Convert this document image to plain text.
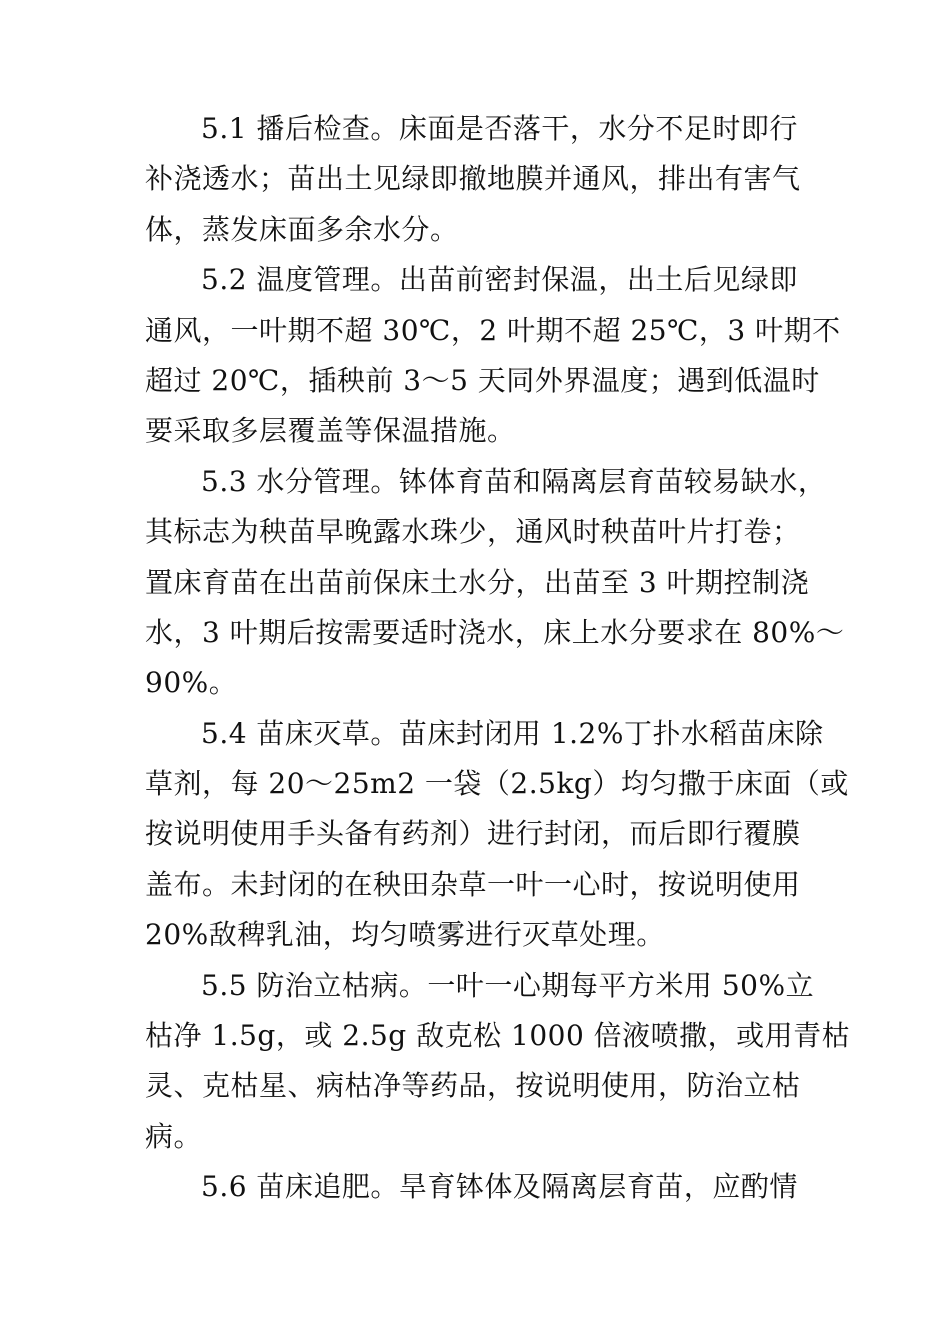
5.1 播后检查。床面是否落干，水分不足时即行
补浇透水；苗出土见绿即撤地膜并通风，排出有害气
体，蒸发床面多余水分。
5.2 温度管理。出苗前密封保温，出土后见绿即
通风，一叶期不超 30℃，2 叶期不超 25℃，3 叶期不
超过 20℃，插秧前 3～5 天同外界温度；遇到低温时
要采取多层覆盖等保温措施。
5.3 水分管理。钵体育苗和隔离层育苗较易缺水，
其标志为秧苗早晚露水珠少，通风时秧苗叶片打卷；
置床育苗在出苗前保床土水分，出苗至 3 叶期控制浇
水，3 叶期后按需要适时浇水，床上水分要求在 80%～
90%。
5.4 苗床灭草。苗床封闭用 1.2%丁扑水稻苗床除
草剂，每 20～25m2 一袋（2.5kg）均匀撒于床面（或
按说明使用手头备有药剂）进行封闭，而后即行覆膜
盖布。未封闭的在秧田杂草一叶一心时，按说明使用
20%敌稗乳油，均匀喷雾进行灭草处理。
5.5 防治立枯病。一叶一心期每平方米用 50%立
枯净 1.5g，或 2.5g 敌克松 1000 倍液喷撒，或用青枯
灵、克枯星、病枯净等药品，按说明使用，防治立枯
病。
5.6 苗床追肥。旱育钵体及隔离层育苗，应酌情
